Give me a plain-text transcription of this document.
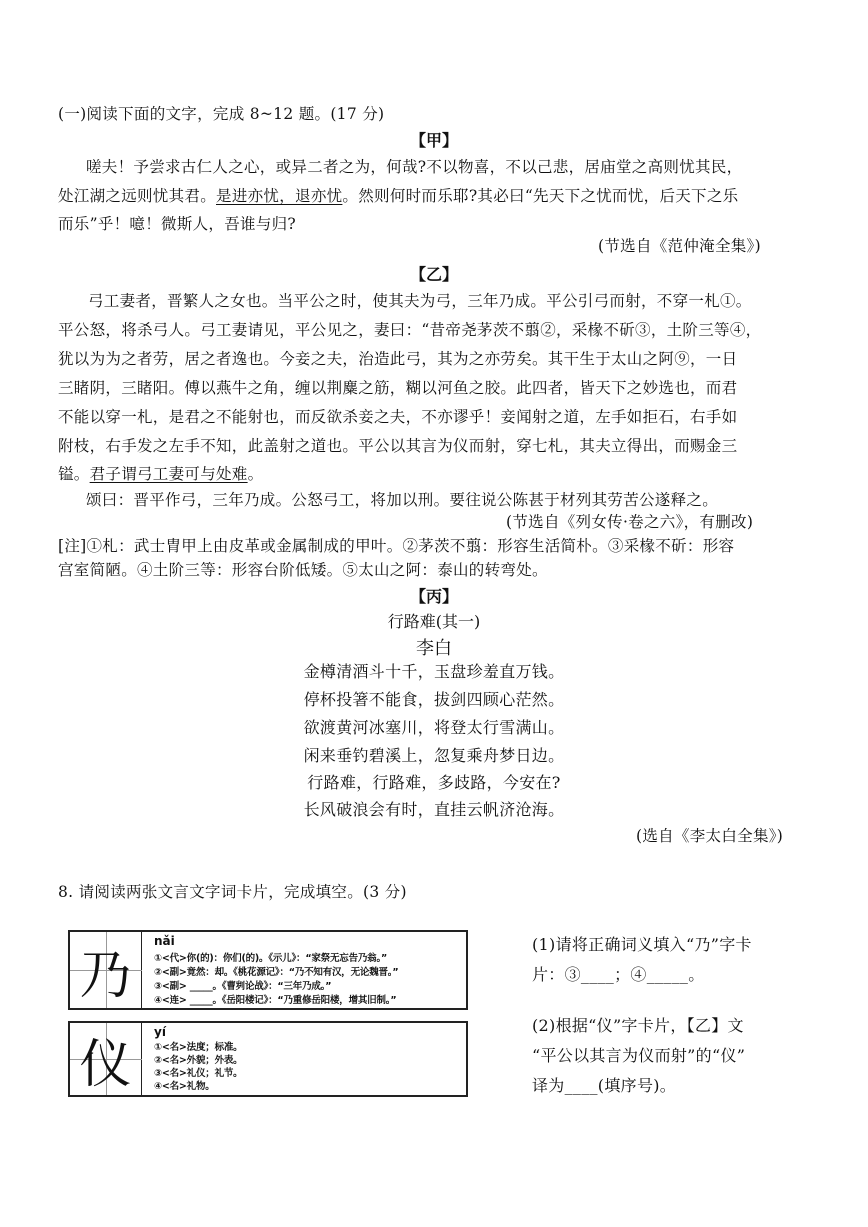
(一)阅读下面的文字，完成 8~12 题。(17 分)
【甲】
嗟夫！予尝求古仁人之心，或异二者之为，何哉?不以物喜，不以己悲，居庙堂之高则忧其民，
处江湖之远则忧其君。是进亦忧，退亦忧。然则何时而乐耶?其必曰“先天下之忧而忧，后天下之乐
而乐”乎！噫！微斯人，吾谁与归?
(节选自《范仲淹全集》)
【乙】
弓工妻者，晋繁人之女也。当平公之时，使其夫为弓，三年乃成。平公引弓而射，不穿一札①。
平公怒，将杀弓人。弓工妻请见，平公见之，妻曰：“昔帝尧茅茨不翦②，采椽不斫③，土阶三等④，
犹以为为之者劳，居之者逸也。今妾之夫，治造此弓，其为之亦劳矣。其干生于太山之阿⑨，一日
三睹阴，三睹阳。傅以燕牛之角，缠以荆麋之筋，糊以河鱼之胶。此四者，皆天下之妙选也，而君
不能以穿一札，是君之不能射也，而反欲杀妾之夫，不亦谬乎！妾闻射之道，左手如拒石，右手如
附枝，右手发之左手不知，此盖射之道也。平公以其言为仪而射，穿七札，其夫立得出，而赐金三
镒。君子谓弓工妻可与处难。
颂曰：晋平作弓，三年乃成。公怒弓工，将加以刑。要往说公陈甚于材列其劳苦公遂释之。
(节选自《列女传·卷之六》，有删改)
[注]①札：武士胄甲上由皮革或金属制成的甲叶。②茅茨不翦：形容生活简朴。③采椽不斫：形容
宫室简陋。④土阶三等：形容台阶低矮。⑤太山之阿：泰山的转弯处。
【丙】
行路难(其一)
李白
金樽清酒斗十千，玉盘珍羞直万钱。
停杯投箸不能食，拔剑四顾心茫然。
欲渡黄河冰塞川，将登太行雪满山。
闲来垂钓碧溪上，忽复乘舟梦日边。
行路难，行路难，多歧路，今安在?
长风破浪会有时，直挂云帆济沧海。
(选自《李太白全集》)
8. 请阅读两张文言文字词卡片，完成填空。(3 分)
乃
nǎi
①<代>你(的)：你们(的)。《示儿》：“家祭无忘告乃翁。”
②<副>竟然：却。《桃花源记》：“乃不知有汉，无论魏晋。”
③<副> _____。《曹刿论战》：“三年乃成。”
④<连> _____。《岳阳楼记》：“乃重修岳阳楼，增其旧制。”
仪
yí
①<名>法度；标准。
②<名>外貌；外表。
③<名>礼仪；礼节。
④<名>礼物。
(1)请将正确词义填入“乃”字卡
片：③____；④_____。
(2)根据“仪”字卡片，【乙】文
“平公以其言为仪而射”的“仪”
译为____(填序号)。
